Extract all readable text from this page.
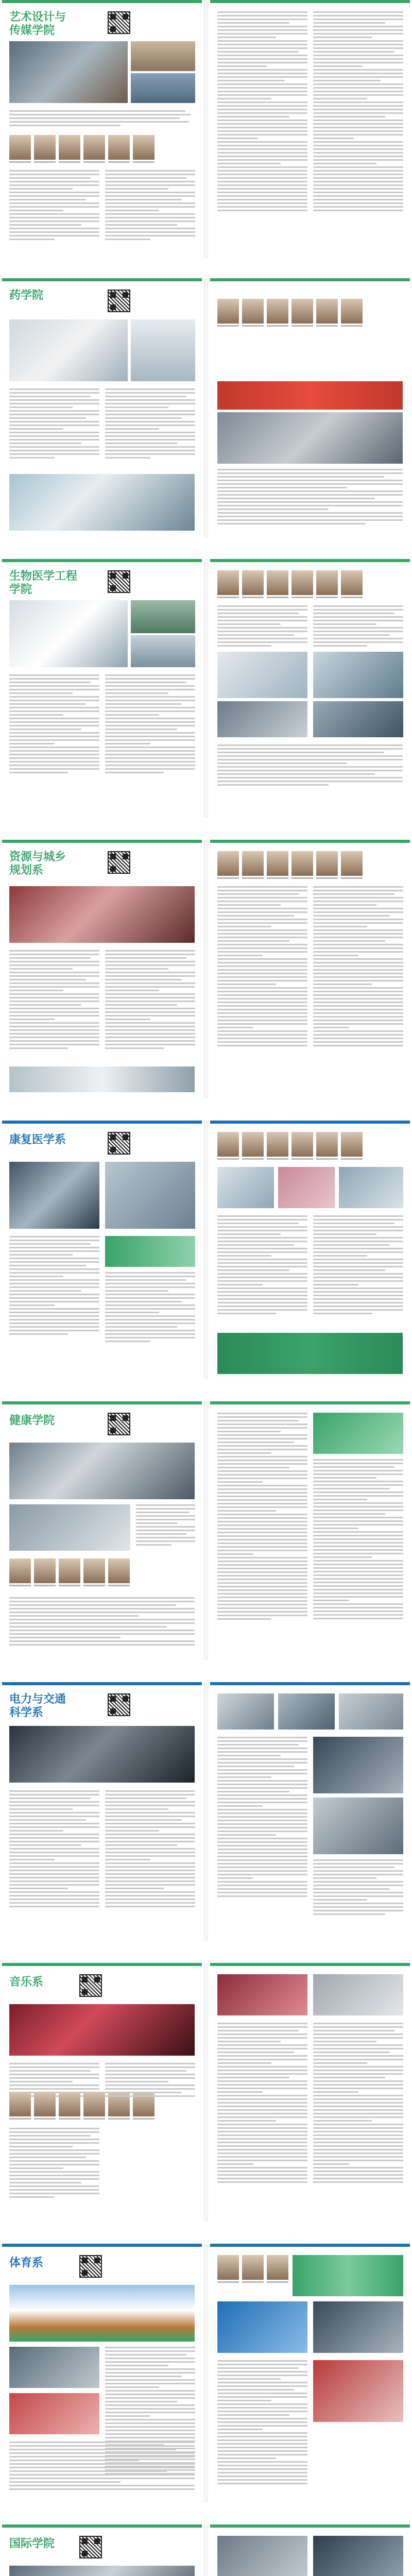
艺术设计与
传媒学院
药学院
生物医学工程
学院
资源与城乡
规划系
康复医学系
健康学院
电力与交通
科学系
音乐系
体育系
国际学院
